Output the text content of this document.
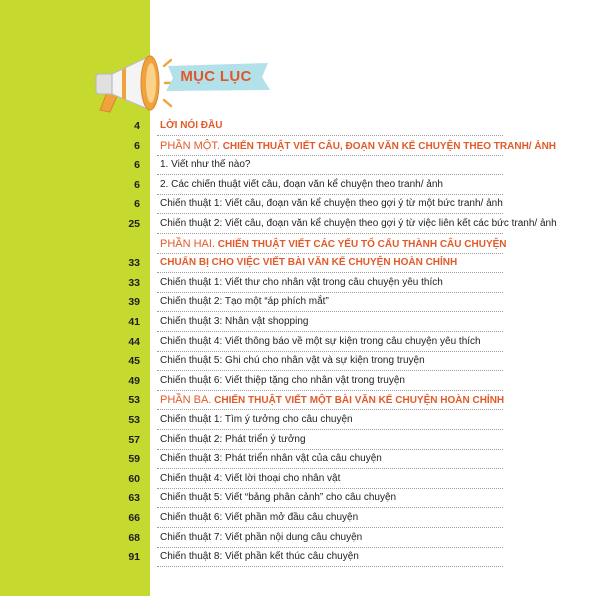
MỤC LỤC
4 LỜI NÓI ĐẦU
6 PHẦN MỘT. CHIẾN THUẬT VIẾT CÂU, ĐOẠN VĂN KỂ CHUYỆN THEO TRANH/ ẢNH
6 1. Viết như thế nào?
6 2. Các chiến thuật viết câu, đoạn văn kể chuyện theo tranh/ ảnh
6 Chiến thuật 1: Viết câu, đoạn văn kể chuyện theo gợi ý từ một bức tranh/ ảnh
25 Chiến thuật 2: Viết câu, đoạn văn kể chuyện theo gợi ý từ việc liên kết các bức tranh/ ảnh
PHẦN HAI. CHIẾN THUẬT VIẾT CÁC YẾU TỐ CẤU THÀNH CÂU CHUYỆN
33 CHUẨN BỊ CHO VIỆC VIẾT BÀI VĂN KỂ CHUYỆN HOÀN CHỈNH
33 Chiến thuật 1: Viết thư cho nhân vật trong câu chuyện yêu thích
39 Chiến thuật 2: Tạo một “áp phích mắt”
41 Chiến thuật 3: Nhân vật shopping
44 Chiến thuật 4: Viết thông báo về một sự kiện trong câu chuyện yêu thích
45 Chiến thuật 5: Ghi chú cho nhân vật và sự kiện trong truyện
49 Chiến thuật 6: Viết thiệp tặng cho nhân vật trong truyện
53 PHẦN BA. CHIẾN THUẬT VIẾT MỘT BÀI VĂN KỂ CHUYỆN HOÀN CHỈNH
53 Chiến thuật 1: Tìm ý tưởng cho câu chuyện
57 Chiến thuật 2: Phát triển ý tưởng
59 Chiến thuật 3: Phát triển nhân vật của câu chuyện
60 Chiến thuật 4: Viết lời thoại cho nhân vật
63 Chiến thuật 5: Viết “bảng phân cảnh” cho câu chuyện
66 Chiến thuật 6: Viết phần mở đầu câu chuyện
68 Chiến thuật 7: Viết phần nội dung câu chuyện
91 Chiến thuật 8: Viết phần kết thúc câu chuyện
